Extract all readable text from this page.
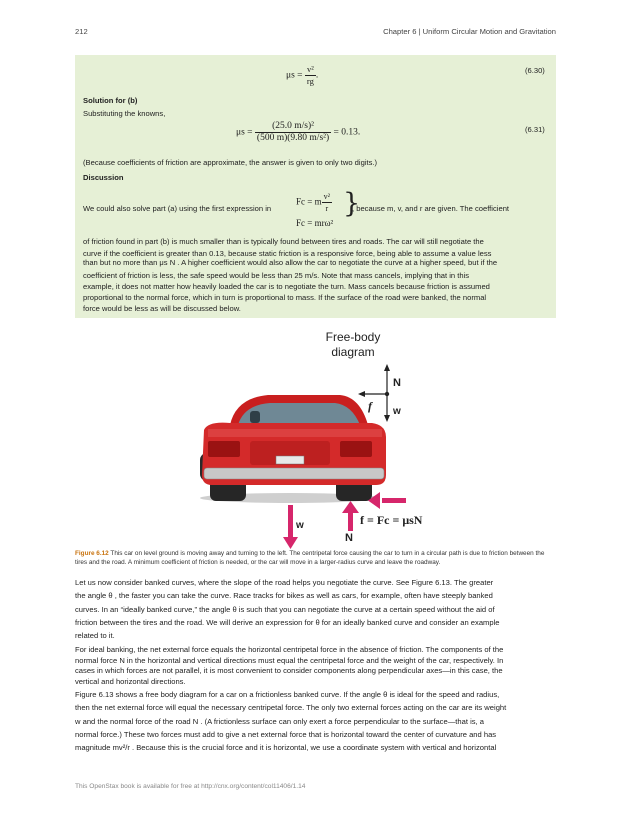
212	Chapter 6 | Uniform Circular Motion and Gravitation
$\mu s = \frac{\text{v²}}{rg}$ .
(6.30)
Solution for (b)
Substituting the knowns,
$\mu s = \frac{\text{(25.0 m/s)²}}{\text{(500 m)(9.80 m/s²)}} = 0.13$.	(6.31)
(Because coefficients of friction are approximate, the answer is given to only two digits.)
Discussion
We could also solve part (a) using the first expression in
Fc = m $\frac{\text{v²}}{r}$
Fc = mrω²
}
, because m, v, and r are given. The coefficient
of friction found in part (b) is much smaller than is typically found between tires and roads. The car will still negotiate the
curve if the coefficient is greater than 0.13, because static friction is a responsive force, being able to assume a value less
than but no more than μs N . A higher coefficient would also allow the car to negotiate the curve at a higher speed, but if the
coefficient of friction is less, the safe speed would be less than 25 m/s. Note that mass cancels, implying that in this
example, it does not matter how heavily loaded the car is to negotiate the turn. Mass cancels because friction is assumed
proportional to the normal force, which in turn is proportional to mass. If the surface of the road were banked, the normal
force would be less as will be discussed below.
Free-body
diagram
N
f w
w
N
f = Fc = μsN
Figure 6.12 This car on level ground is moving away and turning to the left. The centripetal force causing the car to turn in a circular path is due to friction between the tires and the road. A minimum coefficient of friction is needed, or the car will move in a larger-radius curve and leave the roadway.
Let us now consider banked curves, where the slope of the road helps you negotiate the curve. See Figure 6.13. The greater
the angle θ , the faster you can take the curve. Race tracks for bikes as well as cars, for example, often have steeply banked
curves. In an “ideally banked curve,” the angle θ is such that you can negotiate the curve at a certain speed without the aid of
friction between the tires and the road. We will derive an expression for θ for an ideally banked curve and consider an example
related to it.
For ideal banking, the net external force equals the horizontal centripetal force in the absence of friction. The components of the
normal force N in the horizontal and vertical directions must equal the centripetal force and the weight of the car, respectively. In
cases in which forces are not parallel, it is most convenient to consider components along perpendicular axes—in this case, the
vertical and horizontal directions.
Figure 6.13 shows a free body diagram for a car on a frictionless banked curve. If the angle θ is ideal for the speed and radius,
then the net external force will equal the necessary centripetal force. The only two external forces acting on the car are its weight
w and the normal force of the road N . (A frictionless surface can only exert a force perpendicular to the surface—that is, a
normal force.) These two forces must add to give a net external force that is horizontal toward the center of curvature and has
magnitude mv²/r . Because this is the crucial force and it is horizontal, we use a coordinate system with vertical and horizontal
This OpenStax book is available for free at http://cnx.org/content/col11406/1.14
